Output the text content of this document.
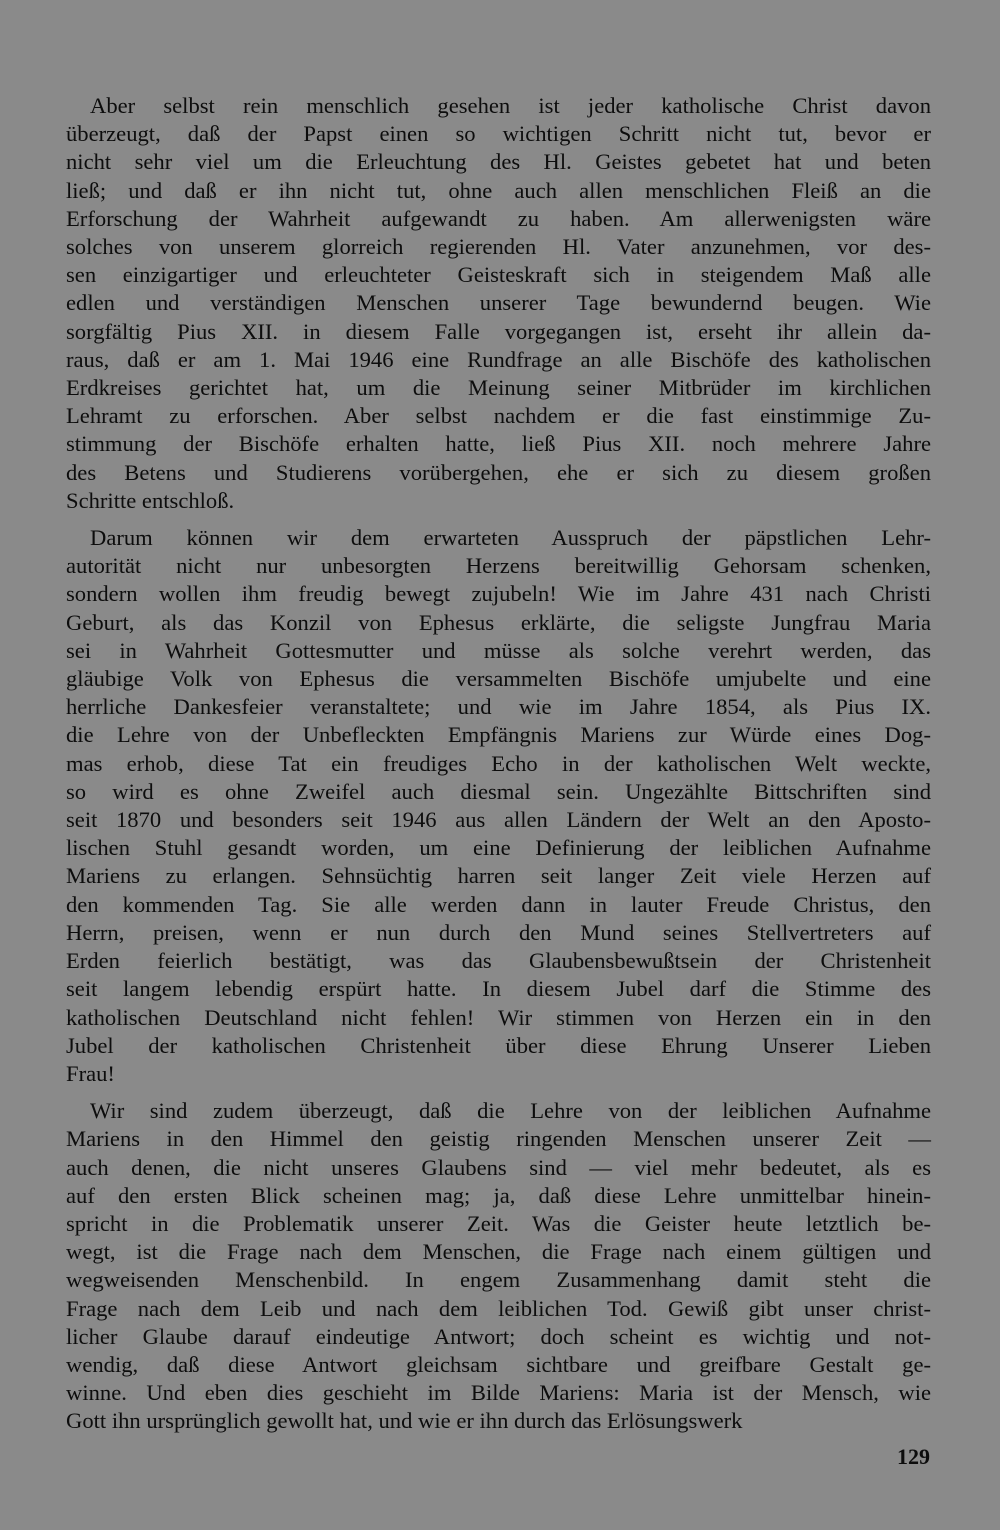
Aber selbst rein menschlich gesehen ist jeder katholische Christ davon
überzeugt, daß der Papst einen so wichtigen Schritt nicht tut, bevor er
nicht sehr viel um die Erleuchtung des Hl. Geistes gebetet hat und beten
ließ; und daß er ihn nicht tut, ohne auch allen menschlichen Fleiß an die
Erforschung der Wahrheit aufgewandt zu haben. Am allerwenigsten wäre
solches von unserem glorreich regierenden Hl. Vater anzunehmen, vor des-
sen einzigartiger und erleuchteter Geisteskraft sich in steigendem Maß alle
edlen und verständigen Menschen unserer Tage bewundernd beugen. Wie
sorgfältig Pius XII. in diesem Falle vorgegangen ist, erseht ihr allein da-
raus, daß er am 1. Mai 1946 eine Rundfrage an alle Bischöfe des katholischen
Erdkreises gerichtet hat, um die Meinung seiner Mitbrüder im kirchlichen
Lehramt zu erforschen. Aber selbst nachdem er die fast einstimmige Zu-
stimmung der Bischöfe erhalten hatte, ließ Pius XII. noch mehrere Jahre
des Betens und Studierens vorübergehen, ehe er sich zu diesem großen
Schritte entschloß.

Darum können wir dem erwarteten Ausspruch der päpstlichen Lehr-
autorität nicht nur unbesorgten Herzens bereitwillig Gehorsam schenken,
sondern wollen ihm freudig bewegt zujubeln! Wie im Jahre 431 nach Christi
Geburt, als das Konzil von Ephesus erklärte, die seligste Jungfrau Maria
sei in Wahrheit Gottesmutter und müsse als solche verehrt werden, das
gläubige Volk von Ephesus die versammelten Bischöfe umjubelte und eine
herrliche Dankesfeier veranstaltete; und wie im Jahre 1854, als Pius IX.
die Lehre von der Unbefleckten Empfängnis Mariens zur Würde eines Dog-
mas erhob, diese Tat ein freudiges Echo in der katholischen Welt weckte,
so wird es ohne Zweifel auch diesmal sein. Ungezählte Bittschriften sind
seit 1870 und besonders seit 1946 aus allen Ländern der Welt an den Aposto-
lischen Stuhl gesandt worden, um eine Definierung der leiblichen Aufnahme
Mariens zu erlangen. Sehnsüchtig harren seit langer Zeit viele Herzen auf
den kommenden Tag. Sie alle werden dann in lauter Freude Christus, den
Herrn, preisen, wenn er nun durch den Mund seines Stellvertreters auf
Erden feierlich bestätigt, was das Glaubensbewußtsein der Christenheit
seit langem lebendig erspürt hatte. In diesem Jubel darf die Stimme des
katholischen Deutschland nicht fehlen! Wir stimmen von Herzen ein in den
Jubel der katholischen Christenheit über diese Ehrung Unserer Lieben
Frau!

Wir sind zudem überzeugt, daß die Lehre von der leiblichen Aufnahme
Mariens in den Himmel den geistig ringenden Menschen unserer Zeit —
auch denen, die nicht unseres Glaubens sind — viel mehr bedeutet, als es
auf den ersten Blick scheinen mag; ja, daß diese Lehre unmittelbar hinein-
spricht in die Problematik unserer Zeit. Was die Geister heute letztlich be-
wegt, ist die Frage nach dem Menschen, die Frage nach einem gültigen und
wegweisenden Menschenbild. In engem Zusammenhang damit steht die
Frage nach dem Leib und nach dem leiblichen Tod. Gewiß gibt unser christ-
licher Glaube darauf eindeutige Antwort; doch scheint es wichtig und not-
wendig, daß diese Antwort gleichsam sichtbare und greifbare Gestalt ge-
winne. Und eben dies geschieht im Bilde Mariens: Maria ist der Mensch, wie
Gott ihn ursprünglich gewollt hat, und wie er ihn durch das Erlösungswerk

129
